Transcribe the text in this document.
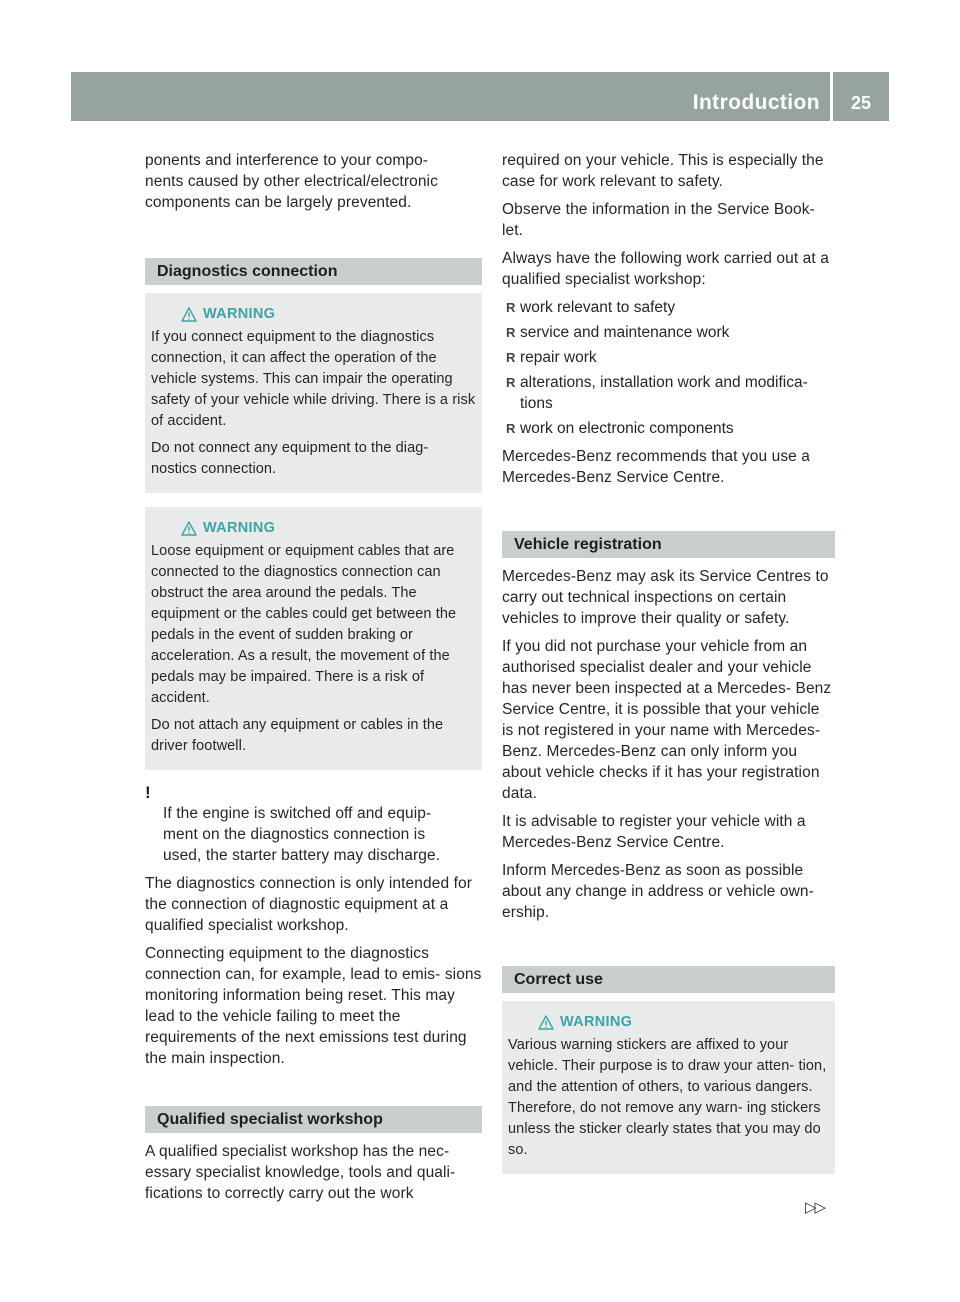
Introduction	25

ponents and interference to your compo-
nents caused by other electrical/electronic
components can be largely prevented.

Diagnostics connection
WARNING

If you connect equipment to the diagnostics connection, it can affect the operation of the vehicle systems. This can impair the operating safety of your vehicle while driving. There is a risk of accident.

Do not connect any equipment to the diag-
nostics connection.

WARNING

Loose equipment or equipment cables that are connected to the diagnostics connection can obstruct the area around the pedals. The equipment or the cables could get between the pedals in the event of sudden braking or acceleration. As a result, the movement of the pedals may be impaired. There is a risk of accident.

Do not attach any equipment or cables in the driver footwell.

!
If the engine is switched off and equip-
ment on the diagnostics connection is
used, the starter battery may discharge.

The diagnostics connection is only intended for the connection of diagnostic equipment at a qualified specialist workshop.

Connecting equipment to the diagnostics connection can, for example, lead to emis- sions monitoring information being reset. This may lead to the vehicle failing to meet the requirements of the next emissions test during the main inspection.

Qualified specialist workshop

A qualified specialist workshop has the nec-
essary specialist knowledge, tools and quali-
fications to correctly carry out the work

required on your vehicle. This is especially the case for work relevant to safety.

Observe the information in the Service Book-
let.

Always have the following work carried out at a qualified specialist workshop:

R work relevant to safety
R service and maintenance work
R repair work
R alterations, installation work and modifica-
tions
R work on electronic components

Mercedes-Benz recommends that you use a Mercedes-Benz Service Centre.

Vehicle registration

Mercedes-Benz may ask its Service Centres to carry out technical inspections on certain vehicles to improve their quality or safety.

If you did not purchase your vehicle from an authorised specialist dealer and your vehicle has never been inspected at a Mercedes- Benz Service Centre, it is possible that your vehicle is not registered in your name with Mercedes-Benz. Mercedes-Benz can only inform you about vehicle checks if it has your registration data.

It is advisable to register your vehicle with a Mercedes-Benz Service Centre.

Inform Mercedes-Benz as soon as possible about any change in address or vehicle own-
ership.

Correct use
WARNING

Various warning stickers are affixed to your vehicle. Their purpose is to draw your atten- tion, and the attention of others, to various dangers. Therefore, do not remove any warn- ing stickers unless the sticker clearly states that you may do so.

▷▷
